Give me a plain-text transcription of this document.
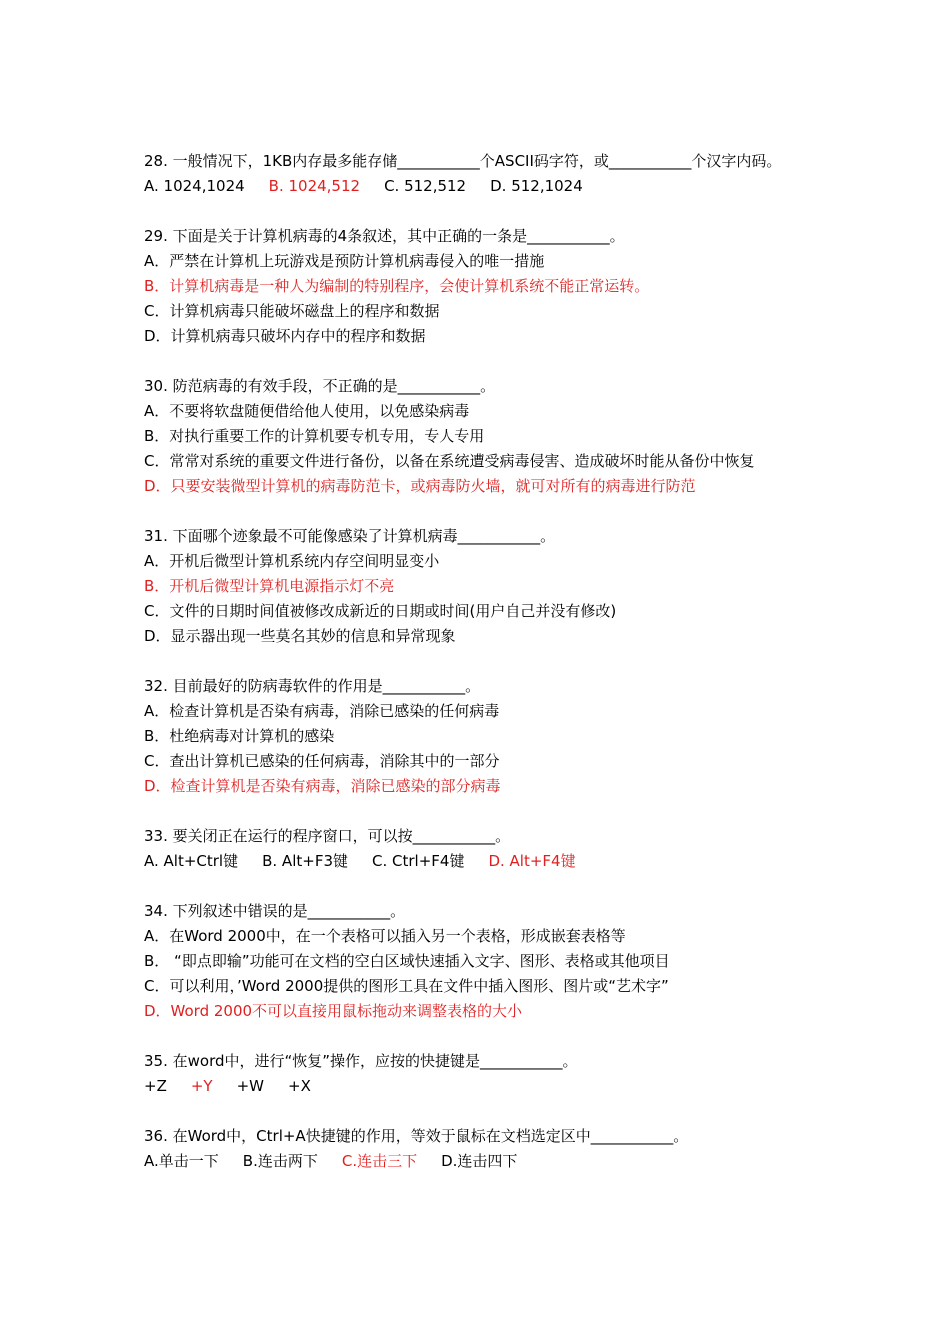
28. 一般情况下，1KB内存最多能存储___________个ASCII码字符，或___________个汉字内码。
A. 1024,1024 B. 1024,512 C. 512,512 D. 512,1024
29. 下面是关于计算机病毒的4条叙述，其中正确的一条是___________。
A．严禁在计算机上玩游戏是预防计算机病毒侵入的唯一措施
B．计算机病毒是一种人为编制的特别程序，会使计算机系统不能正常运转。
C．计算机病毒只能破坏磁盘上的程序和数据
D．计算机病毒只破坏内存中的程序和数据
30. 防范病毒的有效手段，不正确的是___________。
A．不要将软盘随便借给他人使用，以免感染病毒
B．对执行重要工作的计算机要专机专用，专人专用
C．常常对系统的重要文件进行备份，以备在系统遭受病毒侵害、造成破坏时能从备份中恢复
D．只要安装微型计算机的病毒防范卡，或病毒防火墙，就可对所有的病毒进行防范
31. 下面哪个迹象最不可能像感染了计算机病毒___________。
A．开机后微型计算机系统内存空间明显变小
B．开机后微型计算机电源指示灯不亮
C．文件的日期时间值被修改成新近的日期或时间(用户自己并没有修改)
D．显示器出现一些莫名其妙的信息和异常现象
32. 目前最好的防病毒软件的作用是___________。
A．检查计算机是否染有病毒，消除已感染的任何病毒
B．杜绝病毒对计算机的感染
C．查出计算机已感染的任何病毒，消除其中的一部分
D．检查计算机是否染有病毒，消除已感染的部分病毒
33. 要关闭正在运行的程序窗口，可以按___________。
A. Alt+Ctrl键 B. Alt+F3键 C. Ctrl+F4键 D. Alt+F4键
34. 下列叙述中错误的是___________。
A．在Word 2000中，在一个表格可以插入另一个表格，形成嵌套表格等
B． “即点即输”功能可在文档的空白区域快速插入文字、图形、表格或其他项目
C．可以利用，’Word 2000提供的图形工具在文件中插入图形、图片或“艺术字”
D．Word 2000不可以直接用鼠标拖动来调整表格的大小
35. 在word中，进行“恢复”操作，应按的快捷键是___________。
+Z +Y +W +X
36. 在Word中，Ctrl+A快捷键的作用，等效于鼠标在文档选定区中___________。
A.单击一下 B.连击两下 C.连击三下 D.连击四下
